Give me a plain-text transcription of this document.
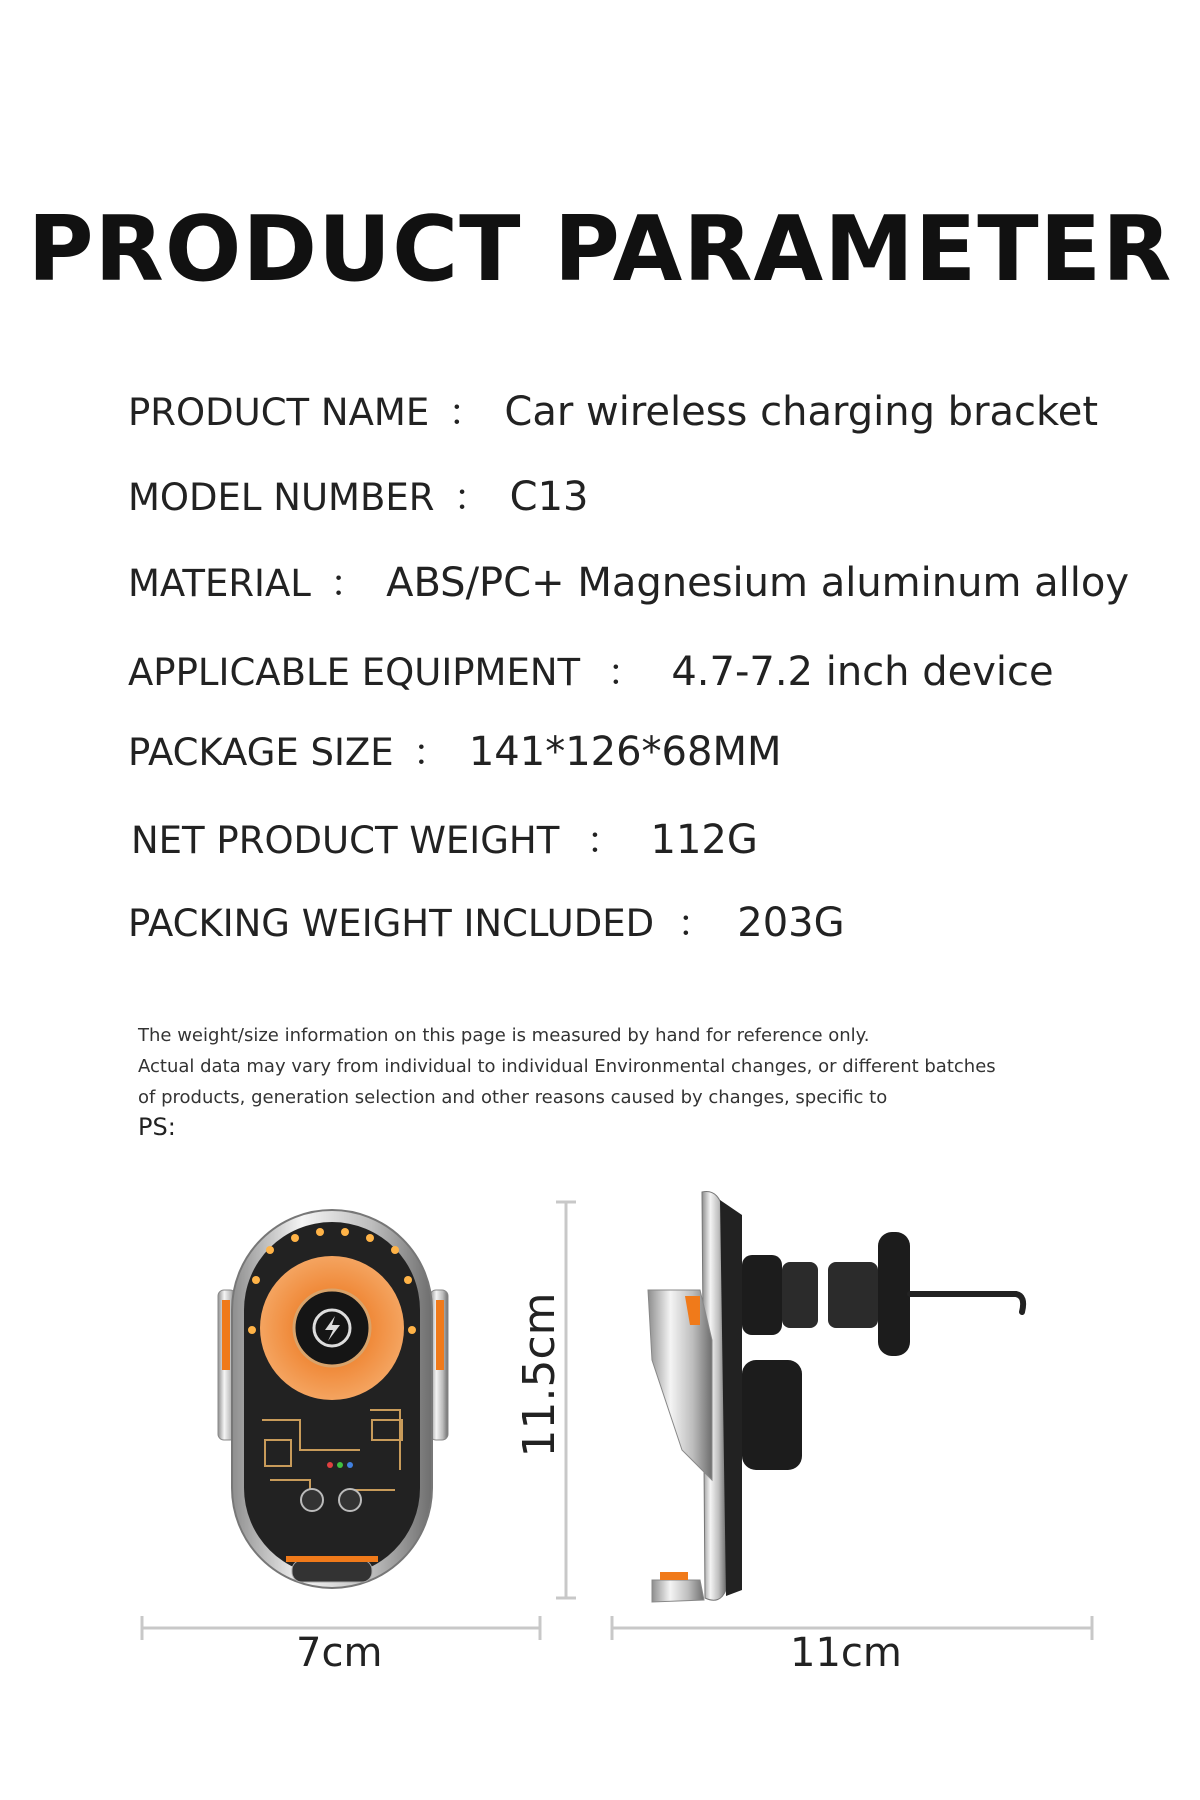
PRODUCT PARAMETER
PRODUCT NAME ： Car wireless charging bracket
MODEL NUMBER ： C13
MATERIAL ： ABS/PC+ Magnesium aluminum alloy
APPLICABLE EQUIPMENT ： 4.7-7.2 inch device
PACKAGE SIZE ： 141*126*68MM
NET PRODUCT WEIGHT ： 112G
PACKING WEIGHT INCLUDED ： 203G
The weight/size information on this page is measured by hand for reference only.
Actual data may vary from individual to individual Environmental changes, or different batches
of products, generation selection and other reasons caused by changes, specific to
PS:
7cm	11cm
11.5cm
